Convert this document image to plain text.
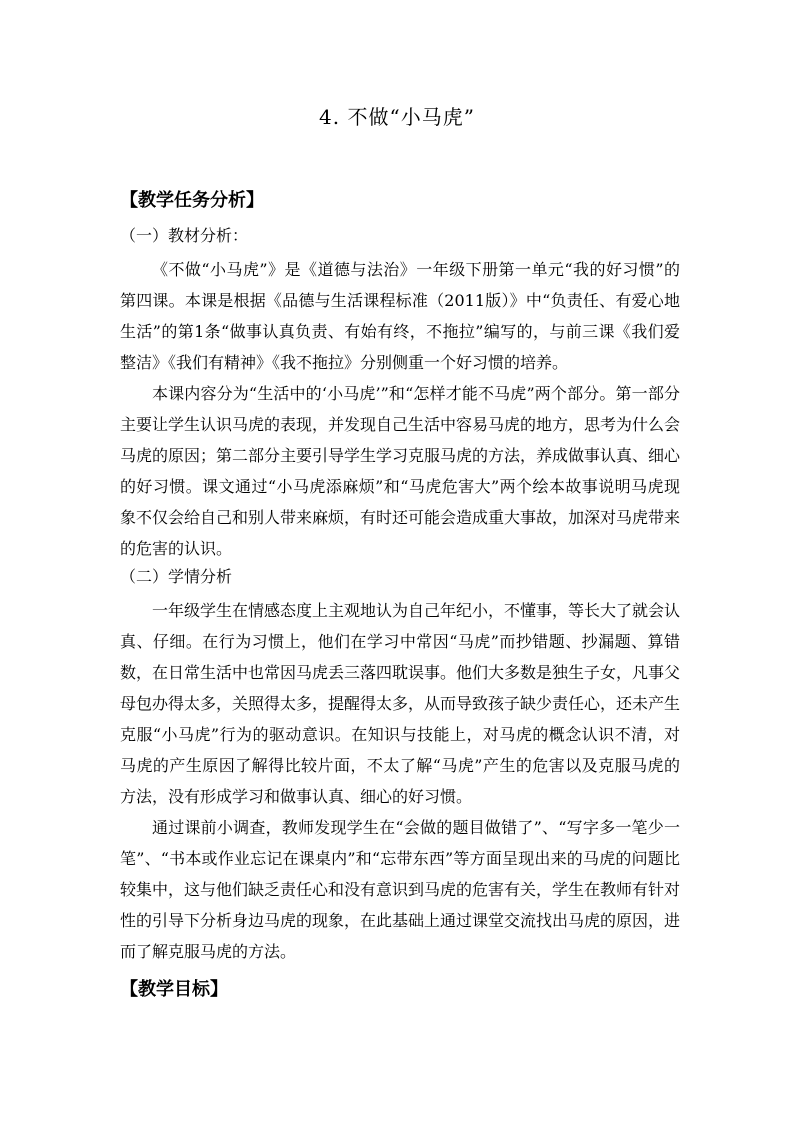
4. 不做“小马虎”
【教学任务分析】
（一）教材分析：

《不做“小马虎”》是《道德与法治》一年级下册第一单元“我的好习惯”的第四课。本课是根据《品德与生活课程标准（2011版）》中“负责任、有爱心地生活”的第1条“做事认真负责、有始有终，不拖拉”编写的，与前三课《我们爱整洁》《我们有精神》《我不拖拉》分别侧重一个好习惯的培养。

本课内容分为“生活中的‘小马虎’”和“怎样才能不马虎”两个部分。第一部分主要让学生认识马虎的表现，并发现自己生活中容易马虎的地方，思考为什么会马虎的原因；第二部分主要引导学生学习克服马虎的方法，养成做事认真、细心的好习惯。课文通过“小马虎添麻烦”和“马虎危害大”两个绘本故事说明马虎现象不仅会给自己和别人带来麻烦，有时还可能会造成重大事故，加深对马虎带来的危害的认识。

（二）学情分析

一年级学生在情感态度上主观地认为自己年纪小，不懂事，等长大了就会认真、仔细。在行为习惯上，他们在学习中常因“马虎”而抄错题、抄漏题、算错数，在日常生活中也常因马虎丢三落四耽误事。他们大多数是独生子女，凡事父母包办得太多，关照得太多，提醒得太多，从而导致孩子缺少责任心，还未产生克服“小马虎”行为的驱动意识。在知识与技能上，对马虎的概念认识不清，对马虎的产生原因了解得比较片面，不太了解“马虎”产生的危害以及克服马虎的方法，没有形成学习和做事认真、细心的好习惯。

通过课前小调查，教师发现学生在“会做的题目做错了”、“写字多一笔少一笔”、“书本或作业忘记在课桌内”和“忘带东西”等方面呈现出来的马虎的问题比较集中，这与他们缺乏责任心和没有意识到马虎的危害有关，学生在教师有针对性的引导下分析身边马虎的现象，在此基础上通过课堂交流找出马虎的原因，进而了解克服马虎的方法。

【教学目标】
